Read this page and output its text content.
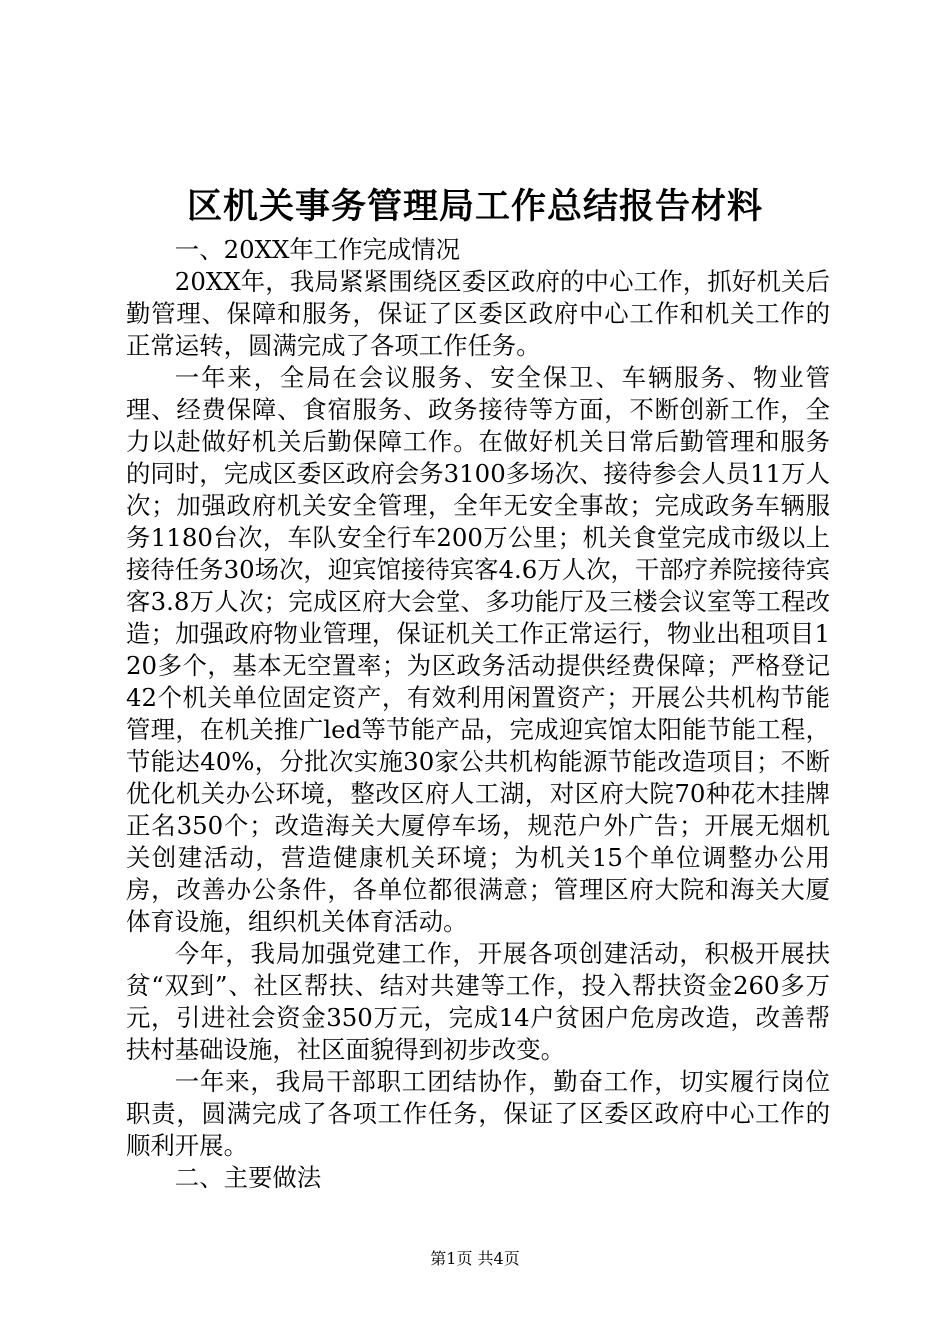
区机关事务管理局工作总结报告材料

一、20XX年工作完成情况

20XX年，我局紧紧围绕区委区政府的中心工作，抓好机关后勤管理、保障和服务，保证了区委区政府中心工作和机关工作的正常运转，圆满完成了各项工作任务。

一年来，全局在会议服务、安全保卫、车辆服务、物业管理、经费保障、食宿服务、政务接待等方面，不断创新工作，全力以赴做好机关后勤保障工作。在做好机关日常后勤管理和服务的同时，完成区委区政府会务3100多场次、接待参会人员11万人次；加强政府机关安全管理，全年无安全事故；完成政务车辆服务1180台次，车队安全行车200万公里；机关食堂完成市级以上接待任务30场次，迎宾馆接待宾客4.6万人次，干部疗养院接待宾客3.8万人次；完成区府大会堂、多功能厅及三楼会议室等工程改造；加强政府物业管理，保证机关工作正常运行，物业出租项目120多个，基本无空置率；为区政务活动提供经费保障；严格登记42个机关单位固定资产，有效利用闲置资产；开展公共机构节能管理，在机关推广led等节能产品，完成迎宾馆太阳能节能工程，节能达40%，分批次实施30家公共机构能源节能改造项目；不断优化机关办公环境，整改区府人工湖，对区府大院70种花木挂牌正名350个；改造海关大厦停车场，规范户外广告；开展无烟机关创建活动，营造健康机关环境；为机关15个单位调整办公用房，改善办公条件，各单位都很满意；管理区府大院和海关大厦体育设施，组织机关体育活动。

今年，我局加强党建工作，开展各项创建活动，积极开展扶贫“双到”、社区帮扶、结对共建等工作，投入帮扶资金260多万元，引进社会资金350万元，完成14户贫困户危房改造，改善帮扶村基础设施，社区面貌得到初步改变。

一年来，我局干部职工团结协作，勤奋工作，切实履行岗位职责，圆满完成了各项工作任务，保证了区委区政府中心工作的顺利开展。

二、主要做法

第1页 共4页
